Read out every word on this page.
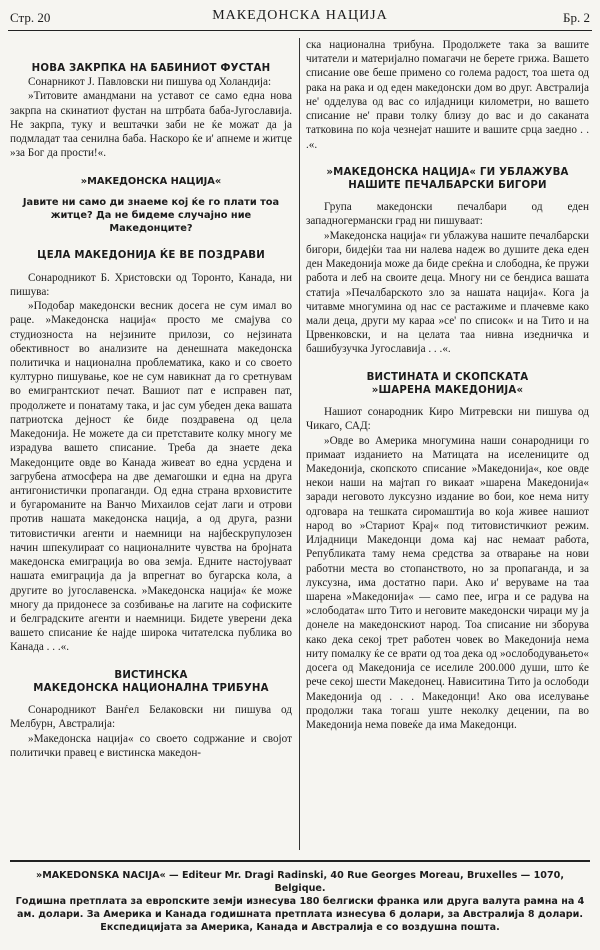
Стр. 20	МАКЕДОНСКА НАЦИЈА	Бр. 2
НОВА ЗАКРПКА НА БАБИНИОТ ФУСТАН

Сонарникот Ј. Павловски ни пишува од Холандија:

»Титовите амандмани на уставот се само една нова закрпа на скинатиот фустан на штрбата баба-Југославија. Не закрпа, туку и вештачки заби не ќе можат да ја подмладат таа сенилна баба. Наскоро ќе и' апнеме и житце »за Бог да прости!«.

»МАКЕДОНСКА НАЦИЈА«
Јавите ни само ди знаеме кој ќе го плати тоа житце? Да не бидеме случајно ние Македонците?
ЦЕЛА МАКЕДОНИЈА ЌЕ ВЕ ПОЗДРАВИ

Сонародникот Б. Христовски од Торонто, Канада, ни пишува:

»Подобар македонски весник досега не сум имал во раце. »Македонска нација« просто ме смајува со студиозноста на нејзините прилози, со нејзината обективност во анализите на денешната македонска политичка и национална проблематика, како и со своето културно пишување, кое не сум навикнат да го сретнувам во емигрантскиот печат. Вашиот пат е исправен пат, продолжете и понатаму така, и јас сум убеден дека вашата патриотска дејност ќе биде поздравена од цела Македонија. Не можете да си претставите колку многу ме израдува вашето списание. Треба да знаете дека Македонците овде во Канада живеат во една усрдена и загрубена атмосфера на две демагошки и една на друга антигонистички пропаганди. Од една страна врховистите и бугароманите на Ванчо Михаилов сејат лаги и отрови против нашата македонска нација, а од друга, разни титовистички агенти и наемници на најбескрупулозен начин шпекулираат со националните чувства на бројната македонска емиграција во ова земја. Едните настојуваат нашата емиграција да ја впрегнат во бугарска кола, а другите во југославенска. »Македонска нација« ќе може многу да придонесе за созбивање на лагите на софиските и белградските агенти и наемници. Бидете уверени дека вашето списание ќе најде широка читателска публика во Канада . . .«.

ВИСТИНСКА
МАКЕДОНСКА НАЦИОНАЛНА ТРИБУНА

Сонародникот Ванѓел Белаковски ни пишува од Мелбурн, Австралија:

»Македонска нација« со своето содржание и својот политички правец е вистинска македон-

ска национална трибуна. Продолжете така за вашите читатели и материјално помагачи не берете грижа. Вашето списание ове беше примено со голема радост, тоа шета од рака на рака и од еден македонски дом во друг. Австралија не' одделува од вас со илјадници километри, но вашето списание не' прави толку близу до вас и до саканата татковина по која чезнејат нашите и вашите срца заедно . . .«.
»МАКЕДОНСКА НАЦИЈА« ГИ УБЛАЖУВА
НАШИТЕ ПЕЧАЛБАРСКИ БИГОРИ

Група македонски печалбари од еден западногермански град ни пишуваат:

»Македонска нација« ги ублажува нашите печалбарски бигори, бидејќи таа ни налева надеж во душите дека еден ден Македонија може да биде среќна и слободна, ќе пружи работа и леб на своите деца. Многу ни се бендиса вашата статија »Печалбарското зло за нашата нација«. Кога ја читавме многумина од нас се растажиме и плачевме како мали деца, други му караа »се' по список« и на Тито и на Црвенковски, и на целата таа нивна изедничка и башибузучка Југославија . . .«.

ВИСТИНАТА И СКОПСКАТА
»ШАРЕНА МАКЕДОНИЈА«

Нашиот сонародник Киро Митревски ни пишува од Чикаго, САД:

»Овде во Америка многумина наши сонародници го примаат изданието на Матицата на иселениците од Македонија, скопското списание »Македонија«, кое овде некои наши на мајтап го викаат »шарена Македонија« заради неговото луксузно издание во бои, кое нема ниту одговара на тешката сиромаштија во која живее нашиот народ во »Стариот Крај« под титовистичкиот режим. Илјадници Македонци дома кај нас немаат работа, Републиката таму нема средства за отварање на нови работни места во стопанството, но за пропаганда, и за луксузна, има достатно пари. Ако и' веруваме на таа шарена »Македонија« — само пее, игра и се радува на »слободата« што Тито и неговите македонски чираци му ја донеле на македонскиот народ. Тоа списание ни зборува како дека секој трет работен човек во Македонија нема ниту помалку ќе се врати од тоа дека од »ослободувањето« досега од Македонија се иселиле 200.000 души, што ќе рече секој шести Македонец. Нависитина Тито ја ослободи Македонија од . . . Македонци! Ако ова иселување продолжи така тогаш уште неколку децении, па во Македонија нема повеќе да има Македонци.

»MAKEDONSKA NACIJA« — Editeur Mr. Dragi Radinski, 40 Rue Georges Moreau, Bruxelles — 1070, Belgique.
Годишна претплата за европските земји изнесува 180 белгиски франка или друга валута рамна на 4 ам. долари. За Америка и Канада годишната претплата изнесува 6 долари, за Австралија 8 долари. Експедицијата за Америка, Канада и Австралија е со воздушна пошта.
